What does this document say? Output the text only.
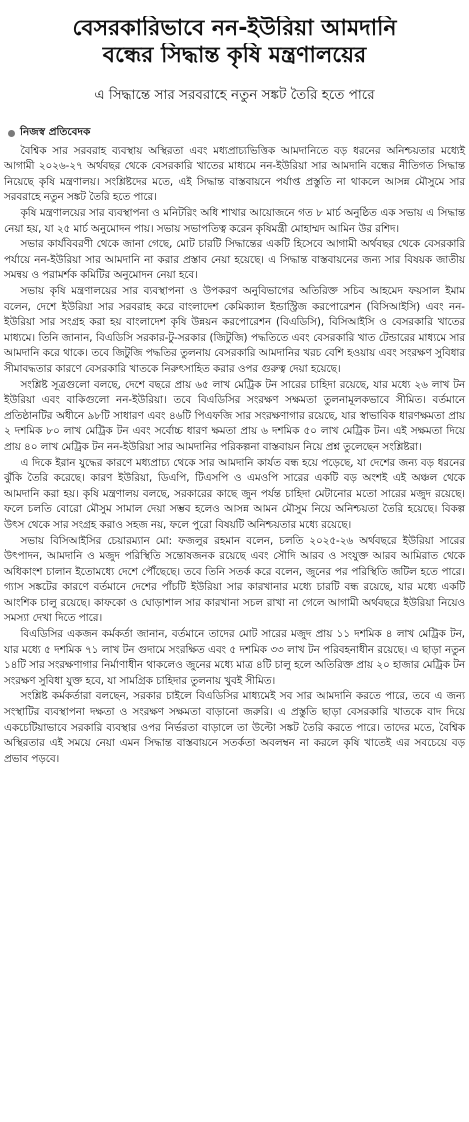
বেসরকারিভাবে নন-ইউরিয়া আমদানি
বন্ধের সিদ্ধান্ত কৃষি মন্ত্রণালয়ের
এ সিদ্ধান্তে সার সরবরাহে নতুন সঙ্কট তৈরি হতে পারে
নিজস্ব প্রতিবেদক

বৈশ্বিক সার সরবরাহ ব্যবস্থায় অস্থিরতা এবং মধ্যপ্রাচ্যভিত্তিক আমদানিতে বড় ধরনের অনিশ্চয়তার মধ্যেই আগামী ২০২৬-২৭ অর্থবছর থেকে বেসরকারি খাতের মাধ্যমে নন-ইউরিয়া সার আমদানি বন্ধের নীতিগত সিদ্ধান্ত নিয়েছে কৃষি মন্ত্রণালয়। সংশ্লিষ্টদের মতে, এই সিদ্ধান্ত বাস্তবায়নে পর্যাপ্ত প্রস্তুতি না থাকলে আসন্ন মৌসুমে সার সরবরাহে নতুন সঙ্কট তৈরি হতে পারে।

কৃষি মন্ত্রণালয়ের সার ব্যবস্থাপনা ও মনিটরিং অধি শাখার আয়োজনে গত ৮ মার্চ অনুষ্ঠিত এক সভায় এ সিদ্ধান্ত নেয়া হয়, যা ২৫ মার্চ অনুমোদন পায়। সভায় সভাপতিত্ব করেন কৃষিমন্ত্রী মোহাম্মদ আমিন উর রশিদ।

সভার কার্যবিবরণী থেকে জানা গেছে, মোট চারটি সিদ্ধান্তের একটি হিসেবে আগামী অর্থবছর থেকে বেসরকারি পর্যায়ে নন-ইউরিয়া সার আমদানি না করার প্রস্তাব নেয়া হয়েছে। এ সিদ্ধান্ত বাস্তবায়নের জন্য সার বিষয়ক জাতীয় সমন্বয় ও পরামর্শক কমিটির অনুমোদন নেয়া হবে।

সভায় কৃষি মন্ত্রণালয়ের সার ব্যবস্থাপনা ও উপকরণ অনুবিভাগের অতিরিক্ত সচিব আহমেদ ফয়সাল ইমাম বলেন, দেশে ইউরিয়া সার সরবরাহ করে বাংলাদেশ কেমিক্যাল ইন্ডাস্ট্রিজ করপোরেশন (বিসিআইসি) এবং নন-ইউরিয়া সার সংগ্রহ করা হয় বাংলাদেশ কৃষি উন্নয়ন করপোরেশন (বিএডিসি), বিসিআইসি ও বেসরকারি খাতের মাধ্যমে। তিনি জানান, বিএডিসি সরকার-টু-সরকার (জিটুজি) পদ্ধতিতে এবং বেসরকারি খাত টেন্ডারের মাধ্যমে সার আমদানি করে থাকে। তবে জিটুজি পদ্ধতির তুলনায় বেসরকারি আমদানির খরচ বেশি হওয়ায় এবং সংরক্ষণ সুবিধার সীমাবদ্ধতার কারণে বেসরকারি খাতকে নিরুৎসাহিত করার ওপর গুরুত্ব দেয়া হয়েছে।

সংশ্লিষ্ট সূত্রগুলো বলছে, দেশে বছরে প্রায় ৬৫ লাখ মেট্রিক টন সারের চাহিদা রয়েছে, যার মধ্যে ২৬ লাখ টন ইউরিয়া এবং বাকিগুলো নন-ইউরিয়া। তবে বিএডিসির সংরক্ষণ সক্ষমতা তুলনামূলকভাবে সীমিত। বর্তমানে প্রতিষ্ঠানটির অধীনে ৯৮টি সাধারণ এবং ৪৬টি পিএফজি সার সংরক্ষণাগার রয়েছে, যার স্বাভাবিক ধারণক্ষমতা প্রায় ২ দশমিক ৮০ লাখ মেট্রিক টন এবং সর্বোচ্চ ধারণ ক্ষমতা প্রায় ৬ দশমিক ৫০ লাখ মেট্রিক টন। এই সক্ষমতা দিয়ে প্রায় ৪০ লাখ মেট্রিক টন নন-ইউরিয়া সার আমদানির পরিকল্পনা বাস্তবায়ন নিয়ে প্রশ্ন তুলেছেন সংশ্লিষ্টরা।

এ দিকে ইরান যুদ্ধের কারণে মধ্যপ্রাচ্য থেকে সার আমদানি কার্যত বন্ধ হয়ে পড়েছে, যা দেশের জন্য বড় ধরনের ঝুঁকি তৈরি করেছে। কারণ ইউরিয়া, ডিএপি, টিএসপি ও এমওপি সারের একটি বড় অংশই এই অঞ্চল থেকে আমদানি করা হয়। কৃষি মন্ত্রণালয় বলছে, সরকারের কাছে জুন পর্যন্ত চাহিদা মেটানোর মতো সারের মজুদ রয়েছে। ফলে চলতি বোরো মৌসুম সামাল দেয়া সম্ভব হলেও আসন্ন আমন মৌসুম নিয়ে অনিশ্চয়তা তৈরি হয়েছে। বিকল্প উৎস থেকে সার সংগ্রহ করাও সহজ নয়, ফলে পুরো বিষয়টি অনিশ্চয়তার মধ্যে রয়েছে।

সভায় বিসিআইসির চেয়ারম্যান মো: ফজলুর রহমান বলেন, চলতি ২০২৫-২৬ অর্থবছরে ইউরিয়া সারের উৎপাদন, আমদানি ও মজুদ পরিস্থিতি সন্তোষজনক রয়েছে এবং সৌদি আরব ও সংযুক্ত আরব আমিরাত থেকে অধিকাংশ চালান ইতোমধ্যে দেশে পৌঁছেছে। তবে তিনি সতর্ক করে বলেন, জুনের পর পরিস্থিতি জটিল হতে পারে। গ্যাস সঙ্কটের কারণে বর্তমানে দেশের পাঁচটি ইউরিয়া সার কারখানার মধ্যে চারটি বন্ধ রয়েছে, যার মধ্যে একটি আংশিক চালু রয়েছে। কাফকো ও ঘোড়াশাল সার কারখানা সচল রাখা না গেলে আগামী অর্থবছরে ইউরিয়া নিয়েও সমস্যা দেখা দিতে পারে।

বিএডিসির একজন কর্মকর্তা জানান, বর্তমানে তাদের মোট সারের মজুদ প্রায় ১১ দশমিক ৪ লাখ মেট্রিক টন, যার মধ্যে ৫ দশমিক ৭১ লাখ টন গুদামে সংরক্ষিত এবং ৫ দশমিক ৩৩ লাখ টন পরিবহনাধীন রয়েছে। এ ছাড়া নতুন ১৪টি সার সংরক্ষণাগার নির্মাণাধীন থাকলেও জুনের মধ্যে মাত্র ৪টি চালু হলে অতিরিক্ত প্রায় ২০ হাজার মেট্রিক টন সংরক্ষণ সুবিধা যুক্ত হবে, যা সামগ্রিক চাহিদার তুলনায় খুবই সীমিত।

সংশ্লিষ্ট কর্মকর্তারা বলছেন, সরকার চাইলে বিএডিসির মাধ্যমেই সব সার আমদানি করতে পারে, তবে এ জন্য সংস্থাটির ব্যবস্থাপনা দক্ষতা ও সংরক্ষণ সক্ষমতা বাড়ানো জরুরি। এ প্রস্তুতি ছাড়া বেসরকারি খাতকে বাদ দিয়ে একচেটিয়াভাবে সরকারি ব্যবস্থার ওপর নির্ভরতা বাড়ালে তা উল্টো সঙ্কট তৈরি করতে পারে। তাদের মতে, বৈশ্বিক অস্থিরতার এই সময়ে নেয়া এমন সিদ্ধান্ত বাস্তবায়নে সতর্কতা অবলম্বন না করলে কৃষি খাতেই এর সবচেয়ে বড় প্রভাব পড়বে।
